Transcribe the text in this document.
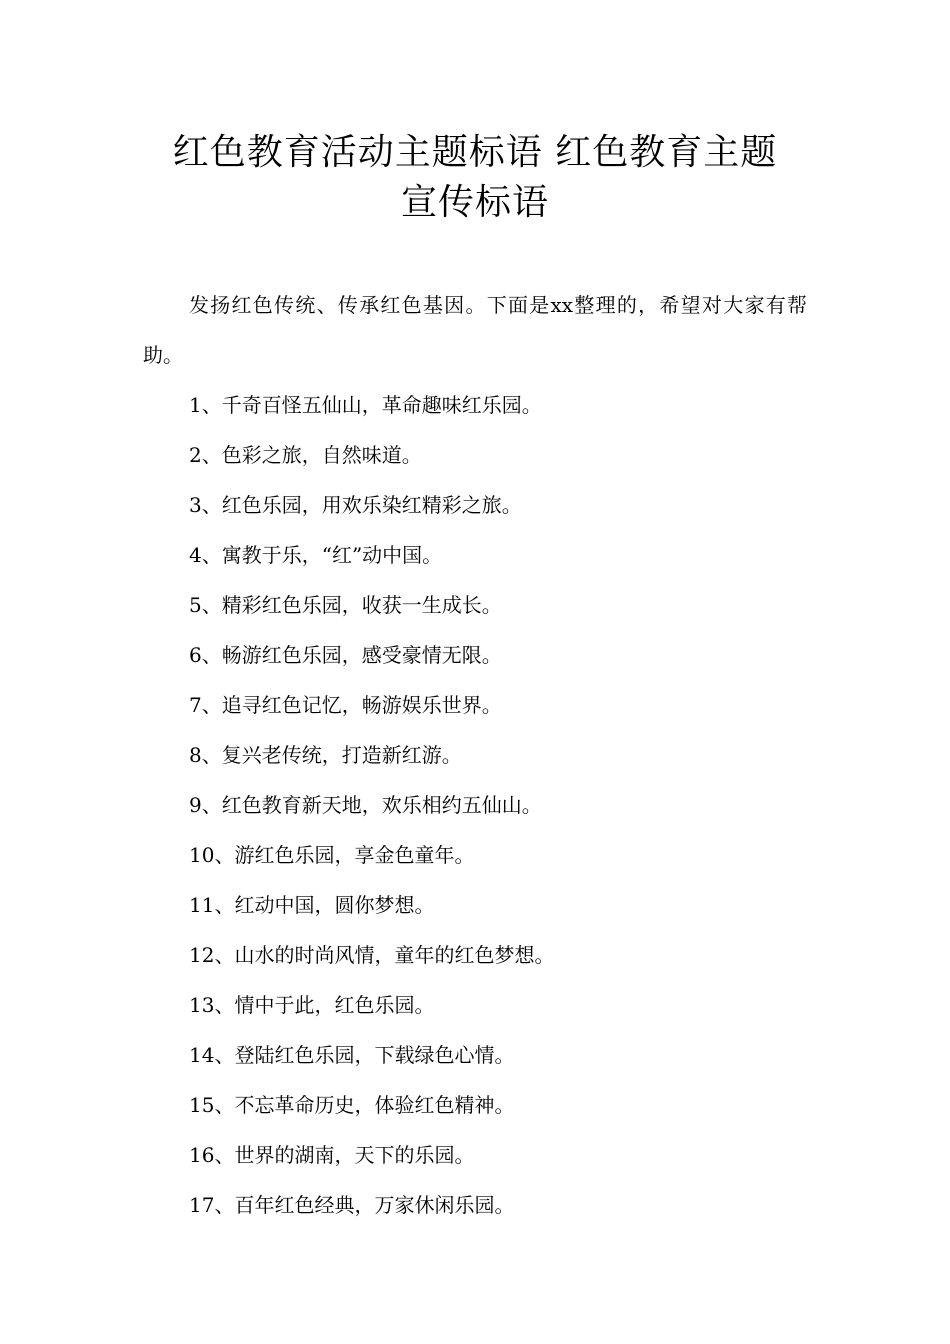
红色教育活动主题标语 红色教育主题
宣传标语

发扬红色传统、传承红色基因。下面是xx整理的，希望对大家有帮助。

1、千奇百怪五仙山，革命趣味红乐园。
2、色彩之旅，自然味道。
3、红色乐园，用欢乐染红精彩之旅。
4、寓教于乐，“红”动中国。
5、精彩红色乐园，收获一生成长。
6、畅游红色乐园，感受豪情无限。
7、追寻红色记忆，畅游娱乐世界。
8、复兴老传统，打造新红游。
9、红色教育新天地，欢乐相约五仙山。
10、游红色乐园，享金色童年。
11、红动中国，圆你梦想。
12、山水的时尚风情，童年的红色梦想。
13、情中于此，红色乐园。
14、登陆红色乐园，下载绿色心情。
15、不忘革命历史，体验红色精神。
16、世界的湖南，天下的乐园。
17、百年红色经典，万家休闲乐园。
